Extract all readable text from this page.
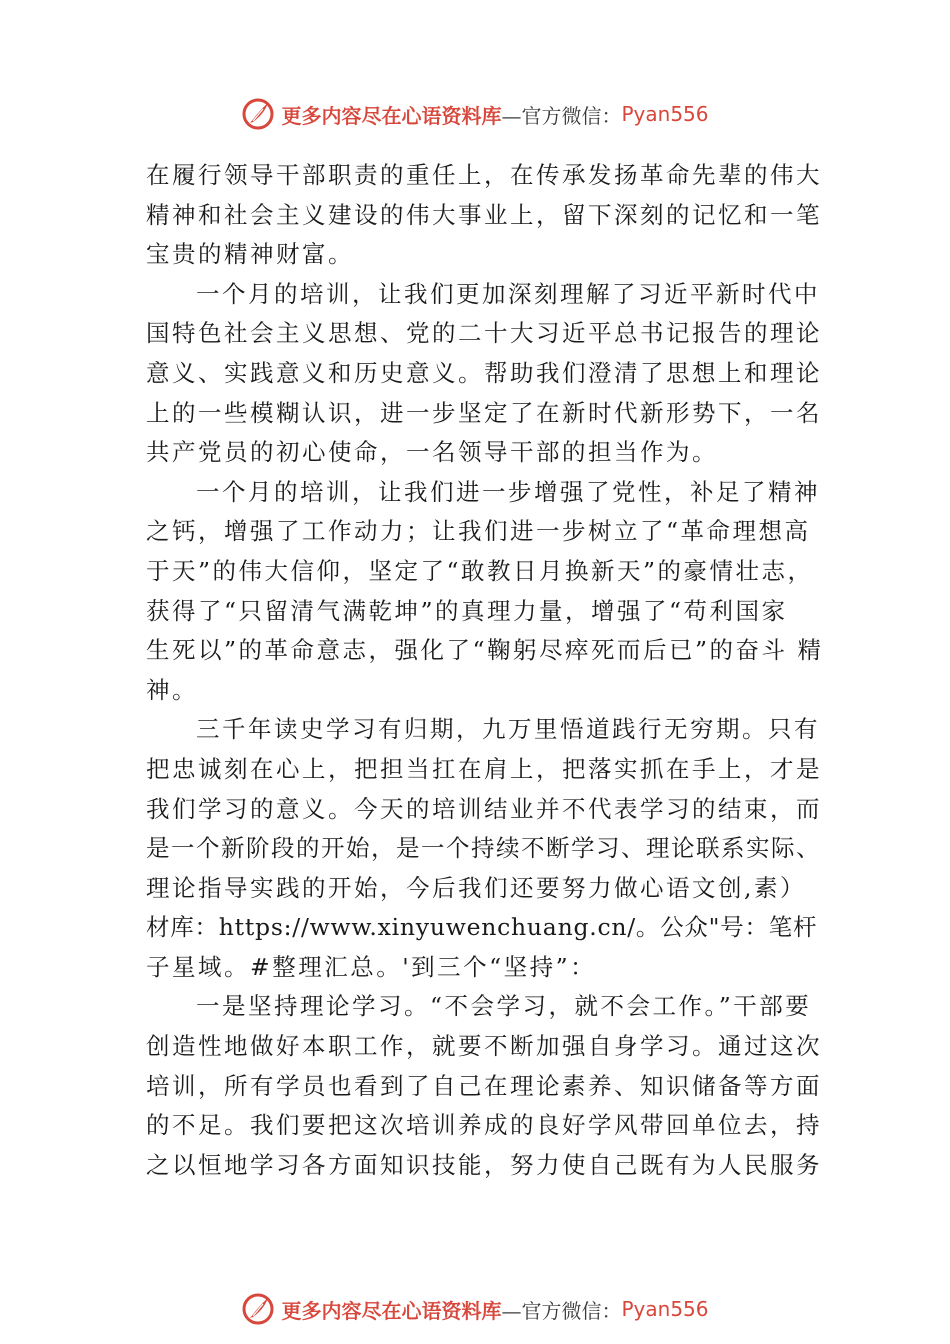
更多内容尽在心语资料库 —官方微信： Pyan556
在履行领导干部职责的重任上，在传承发扬革命先辈的伟大
精神和社会主义建设的伟大事业上，留下深刻的记忆和一笔
宝贵的精神财富。
一个月的培训，让我们更加深刻理解了习近平新时代中
国特色社会主义思想、党的二十大习近平总书记报告的理论
意义、实践意义和历史意义。帮助我们澄清了思想上和理论
上的一些模糊认识，进一步坚定了在新时代新形势下，一名
共产党员的初心使命，一名领导干部的担当作为。
一个月的培训，让我们进一步增强了党性，补足了精神
之钙，增强了工作动力；让我们进一步树立了“革命理想高
于天”的伟大信仰，坚定了“敢教日月换新天”的豪情壮志，
获得了“只留清气满乾坤”的真理力量，增强了“苟利国家
生死以”的革命意志，强化了“鞠躬尽瘁死而后已”的奋斗 精
神。
三千年读史学习有归期，九万里悟道践行无穷期。只有
把忠诚刻在心上，把担当扛在肩上，把落实抓在手上，才是
我们学习的意义。今天的培训结业并不代表学习的结束，而
是一个新阶段的开始，是一个持续不断学习、理论联系实际、
理论指导实践的开始，今后我们还要努力做心语文创,素）
材库：https://www.xinyuwenchuang.cn/。公众"号：笔杆
子星域。#整理汇总。'到三个“坚持”：
一是坚持理论学习。“不会学习，就不会工作。”干部要
创造性地做好本职工作，就要不断加强自身学习。通过这次
培训，所有学员也看到了自己在理论素养、知识储备等方面
的不足。我们要把这次培训养成的良好学风带回单位去，持
之以恒地学习各方面知识技能，努力使自己既有为人民服务
更多内容尽在心语资料库 —官方微信： Pyan556
